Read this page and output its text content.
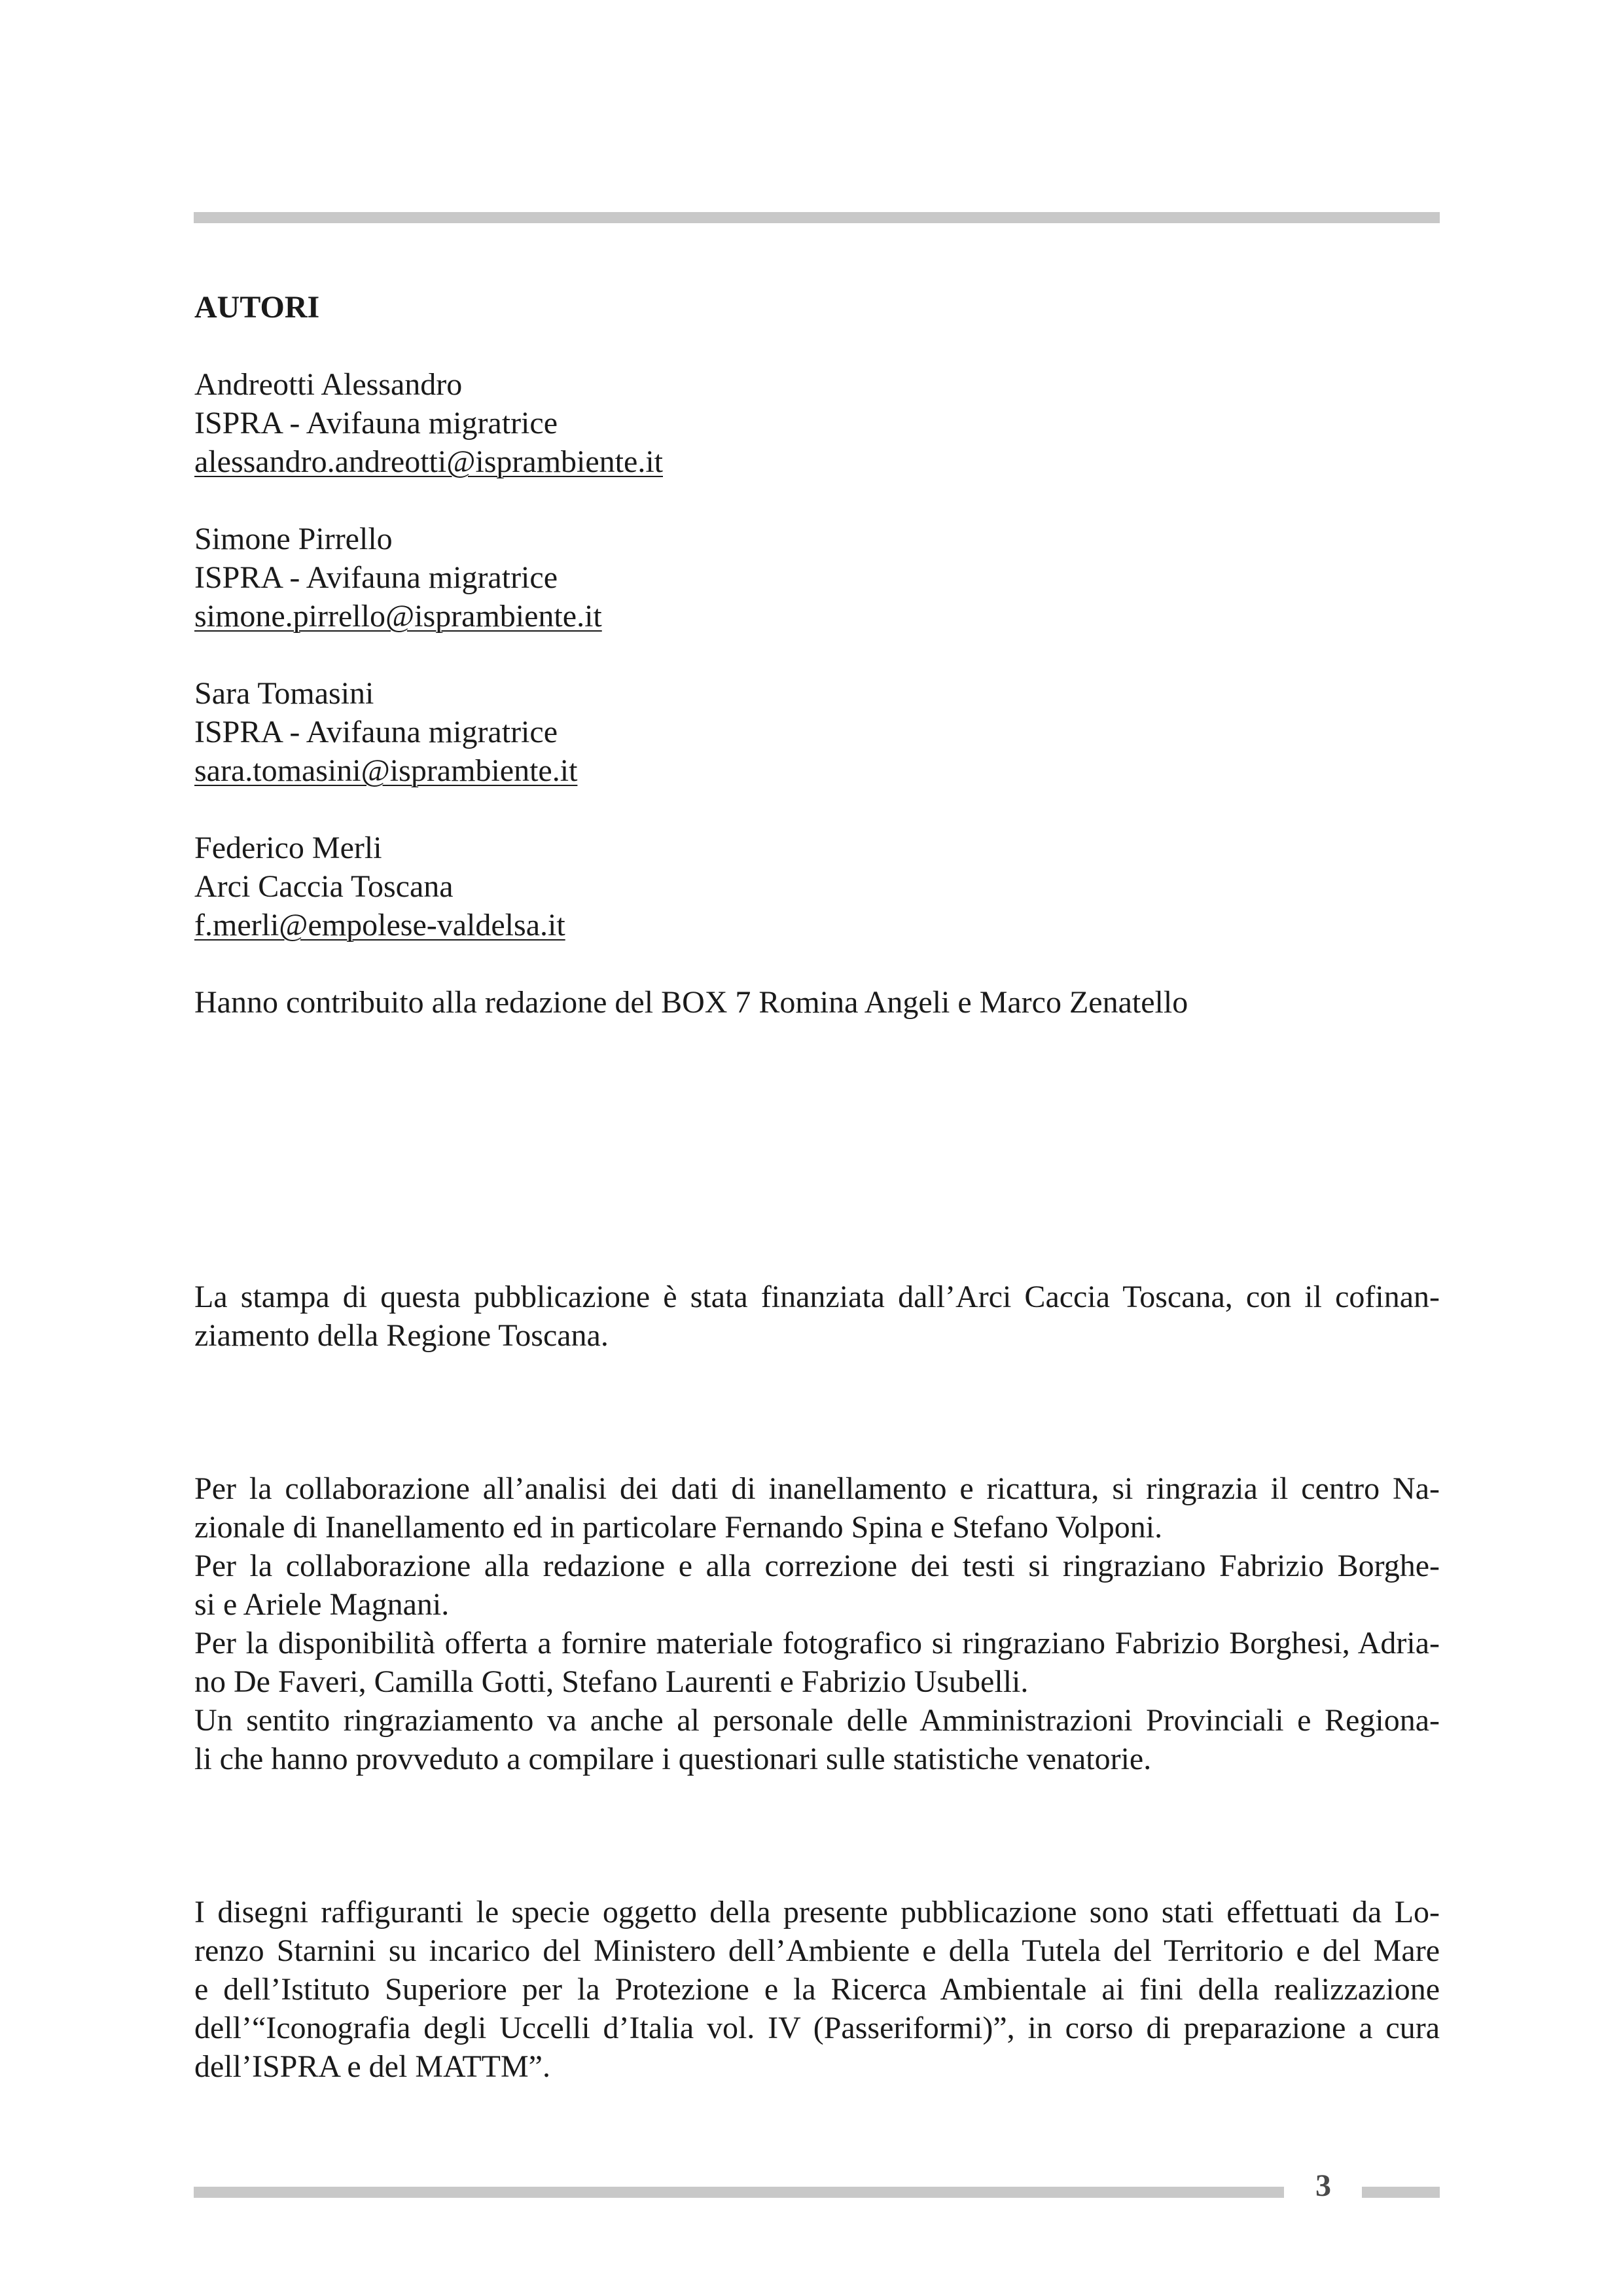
AUTORI
Andreotti Alessandro
ISPRA - Avifauna migratrice
alessandro.andreotti@isprambiente.it
Simone Pirrello
ISPRA - Avifauna migratrice
simone.pirrello@isprambiente.it
Sara Tomasini
ISPRA - Avifauna migratrice
sara.tomasini@isprambiente.it
Federico Merli
Arci Caccia Toscana
f.merli@empolese-valdelsa.it
Hanno contribuito alla redazione del BOX 7 Romina Angeli e Marco Zenatello
La stampa di questa pubblicazione è stata finanziata dall’Arci Caccia Toscana, con il cofinan-
ziamento della Regione Toscana.
Per la collaborazione all’analisi dei dati di inanellamento e ricattura, si ringrazia il centro Na-
zionale di Inanellamento ed in particolare Fernando Spina e Stefano Volponi.
Per la collaborazione alla redazione e alla correzione dei testi si ringraziano Fabrizio Borghe-
si e Ariele Magnani.
Per la disponibilità offerta a fornire materiale fotografico si ringraziano Fabrizio Borghesi, Adria-
no De Faveri, Camilla Gotti, Stefano Laurenti e Fabrizio Usubelli.
Un sentito ringraziamento va anche al personale delle Amministrazioni Provinciali e Regiona-
li che hanno provveduto a compilare i questionari sulle statistiche venatorie.
I disegni raffiguranti le specie oggetto della presente pubblicazione sono stati effettuati da Lo-
renzo Starnini su incarico del Ministero dell’Ambiente e della Tutela del Territorio e del Mare
e dell’Istituto Superiore per la Protezione e la Ricerca Ambientale ai fini della realizzazione
dell’“Iconografia degli Uccelli d’Italia vol. IV (Passeriformi)”, in corso di preparazione a cura
dell’ISPRA e del MATTM”.
3
